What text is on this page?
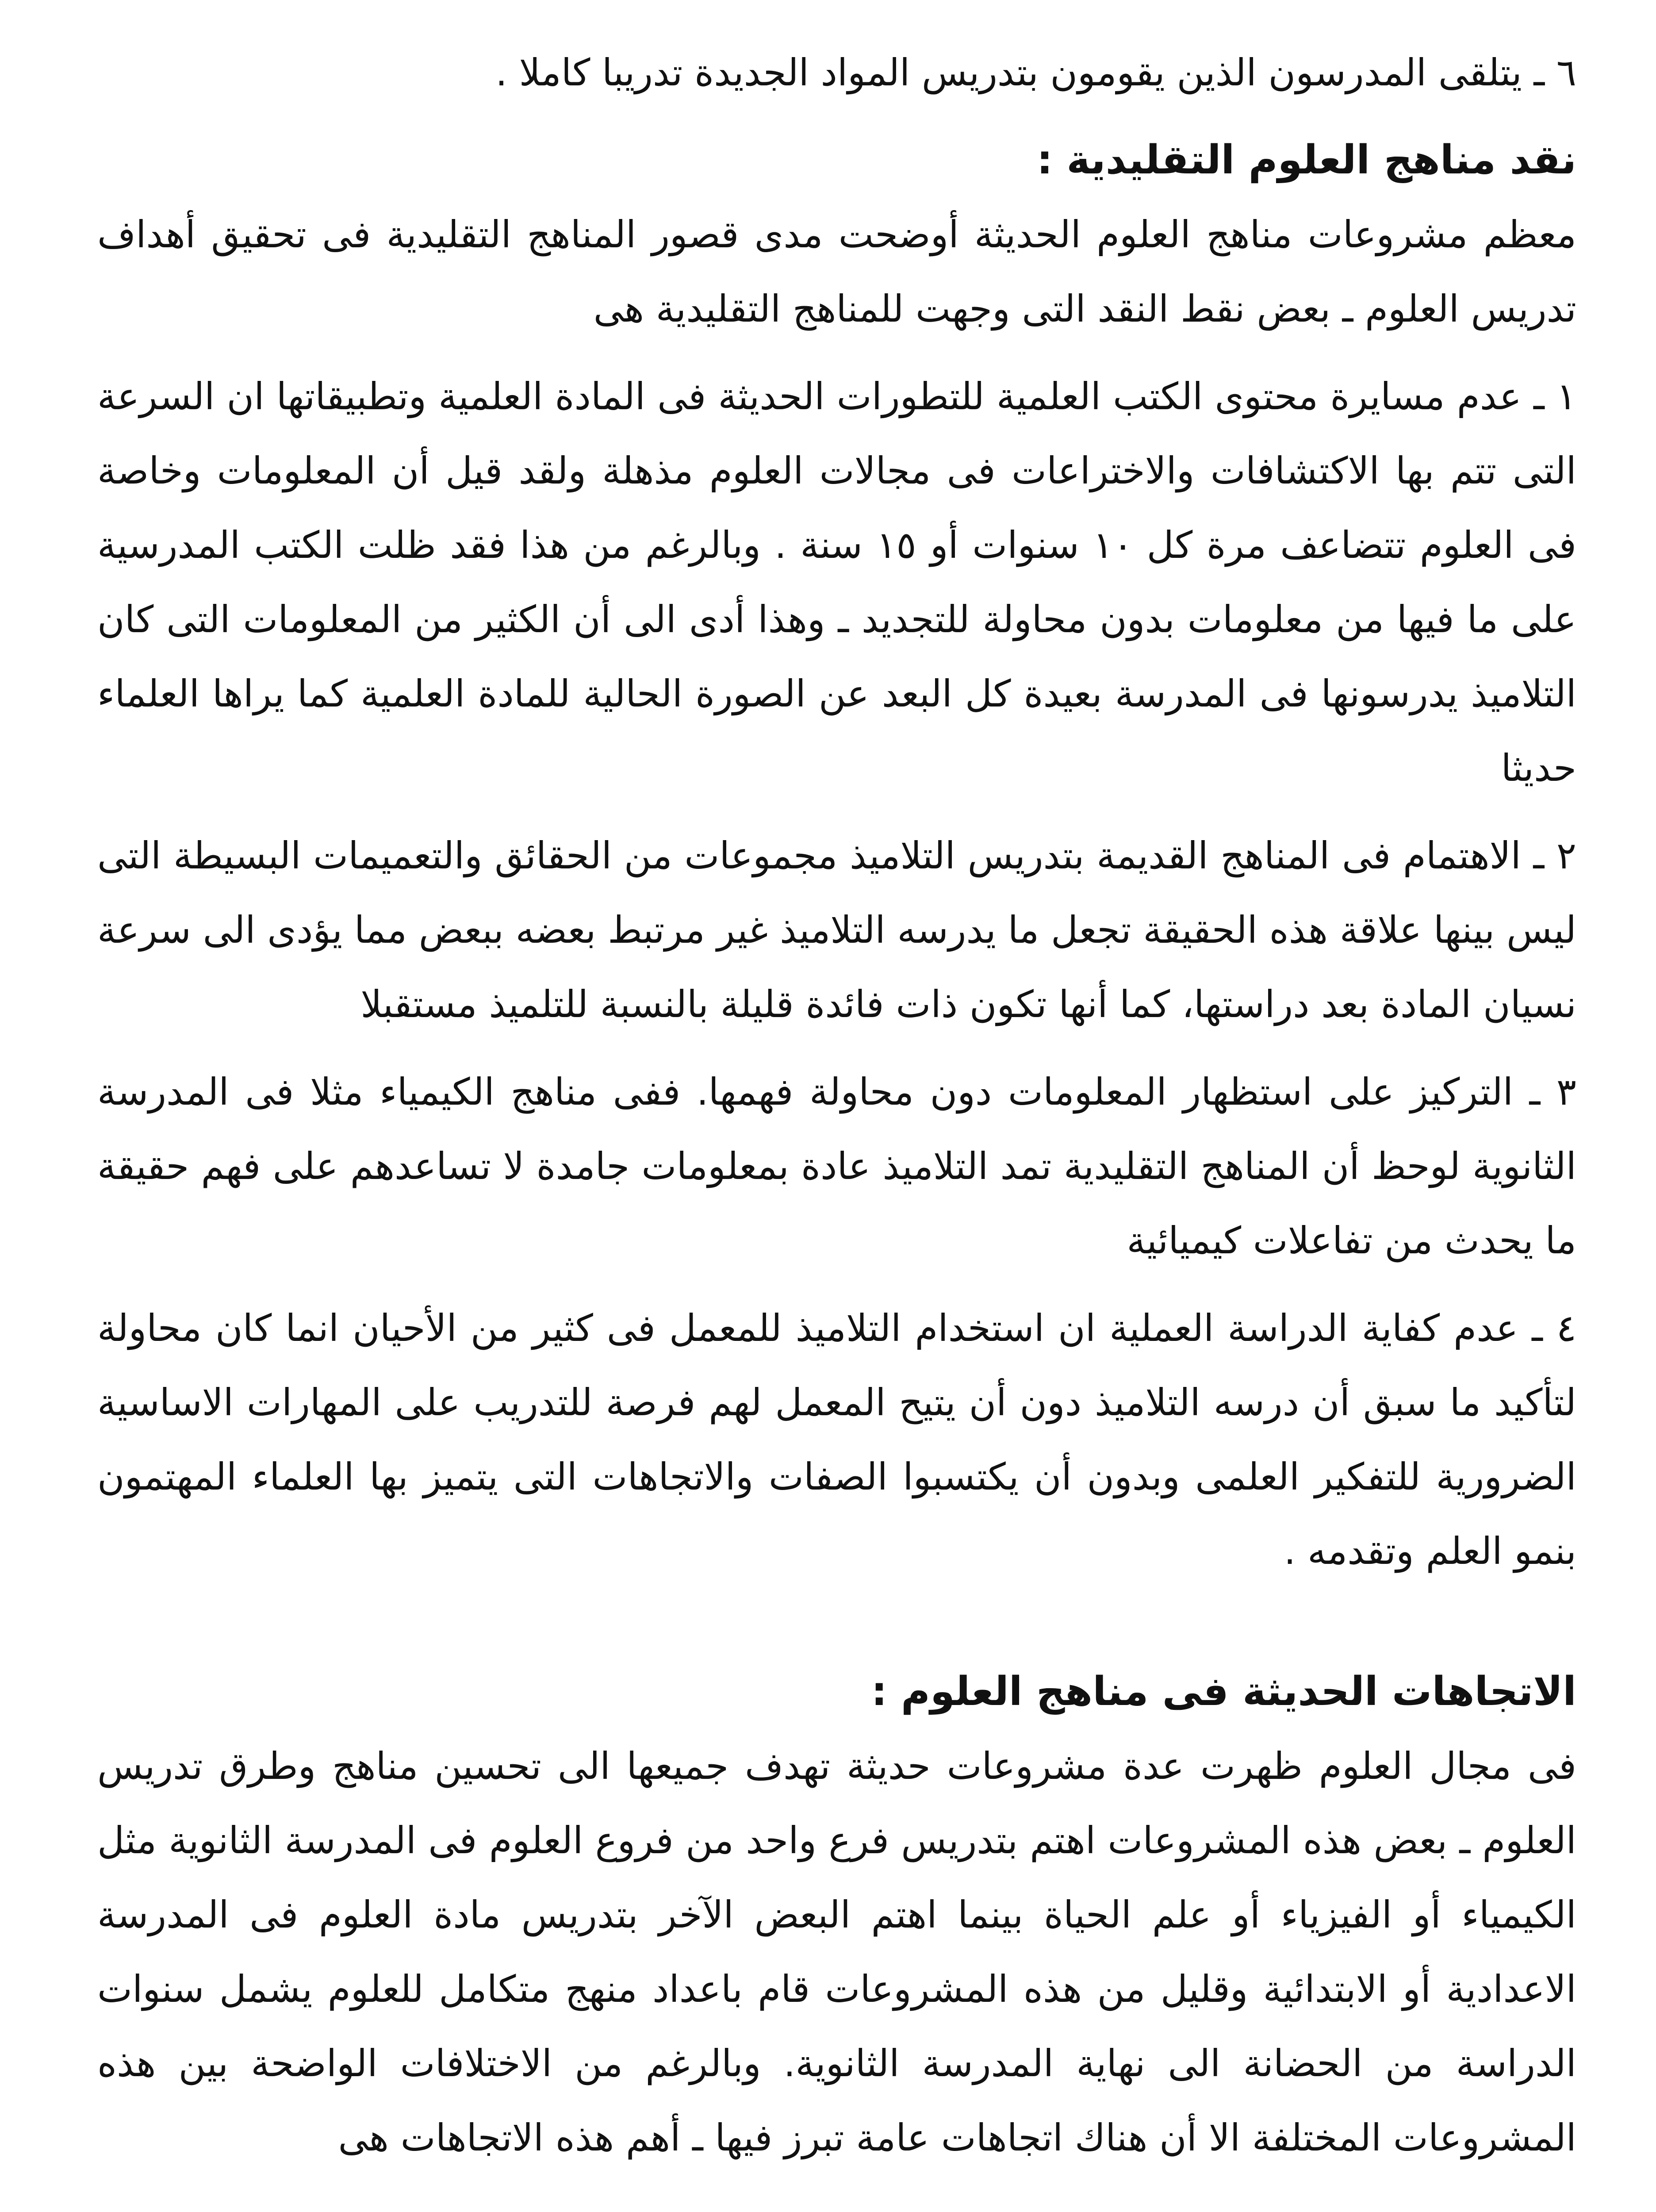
٦ ـ يتلقى المدرسون الذين يقومون بتدريس المواد الجديدة تدريبا كاملا .

نقد مناهج العلوم التقليدية :

معظم مشروعات مناهج العلوم الحديثة أوضحت مدى قصور المناهج التقليدية فى تحقيق أهداف تدريس العلوم ـ بعض نقط النقد التى وجهت للمناهج التقليدية هى

١ ـ عدم مسايرة محتوى الكتب العلمية للتطورات الحديثة فى المادة العلمية وتطبيقاتها ان السرعة التى تتم بها الاكتشافات والاختراعات فى مجالات العلوم مذهلة ولقد قيل أن المعلومات وخاصة فى العلوم تتضاعف مرة كل ١٠ سنوات أو ١٥ سنة . وبالرغم من هذا فقد ظلت الكتب المدرسية على ما فيها من معلومات بدون محاولة للتجديد ـ وهذا أدى الى أن الكثير من المعلومات التى كان التلاميذ يدرسونها فى المدرسة بعيدة كل البعد عن الصورة الحالية للمادة العلمية كما يراها العلماء حديثا

٢ ـ الاهتمام فى المناهج القديمة بتدريس التلاميذ مجموعات من الحقائق والتعميمات البسيطة التى ليس بينها علاقة هذه الحقيقة تجعل ما يدرسه التلاميذ غير مرتبط بعضه ببعض مما يؤدى الى سرعة نسيان المادة بعد دراستها، كما أنها تكون ذات فائدة قليلة بالنسبة للتلميذ مستقبلا

٣ ـ التركيز على استظهار المعلومات دون محاولة فهمها. ففى مناهج الكيمياء مثلا فى المدرسة الثانوية لوحظ أن المناهج التقليدية تمد التلاميذ عادة بمعلومات جامدة لا تساعدهم على فهم حقيقة ما يحدث من تفاعلات كيميائية

٤ ـ عدم كفاية الدراسة العملية ان استخدام التلاميذ للمعمل فى كثير من الأحيان انما كان محاولة لتأكيد ما سبق أن درسه التلاميذ دون أن يتيح المعمل لهم فرصة للتدريب على المهارات الاساسية الضرورية للتفكير العلمى وبدون أن يكتسبوا الصفات والاتجاهات التى يتميز بها العلماء المهتمون بنمو العلم وتقدمه .

الاتجاهات الحديثة فى مناهج العلوم :

فى مجال العلوم ظهرت عدة مشروعات حديثة تهدف جميعها الى تحسين مناهج وطرق تدريس العلوم ـ بعض هذه المشروعات اهتم بتدريس فرع واحد من فروع العلوم فى المدرسة الثانوية مثل الكيمياء أو الفيزياء أو علم الحياة بينما اهتم البعض الآخر بتدريس مادة العلوم فى المدرسة الاعدادية أو الابتدائية وقليل من هذه المشروعات قام باعداد منهج متكامل للعلوم يشمل سنوات الدراسة من الحضانة الى نهاية المدرسة الثانوية. وبالرغم من الاختلافات الواضحة بين هذه المشروعات المختلفة الا أن هناك اتجاهات عامة تبرز فيها ـ أهم هذه الاتجاهات هى
